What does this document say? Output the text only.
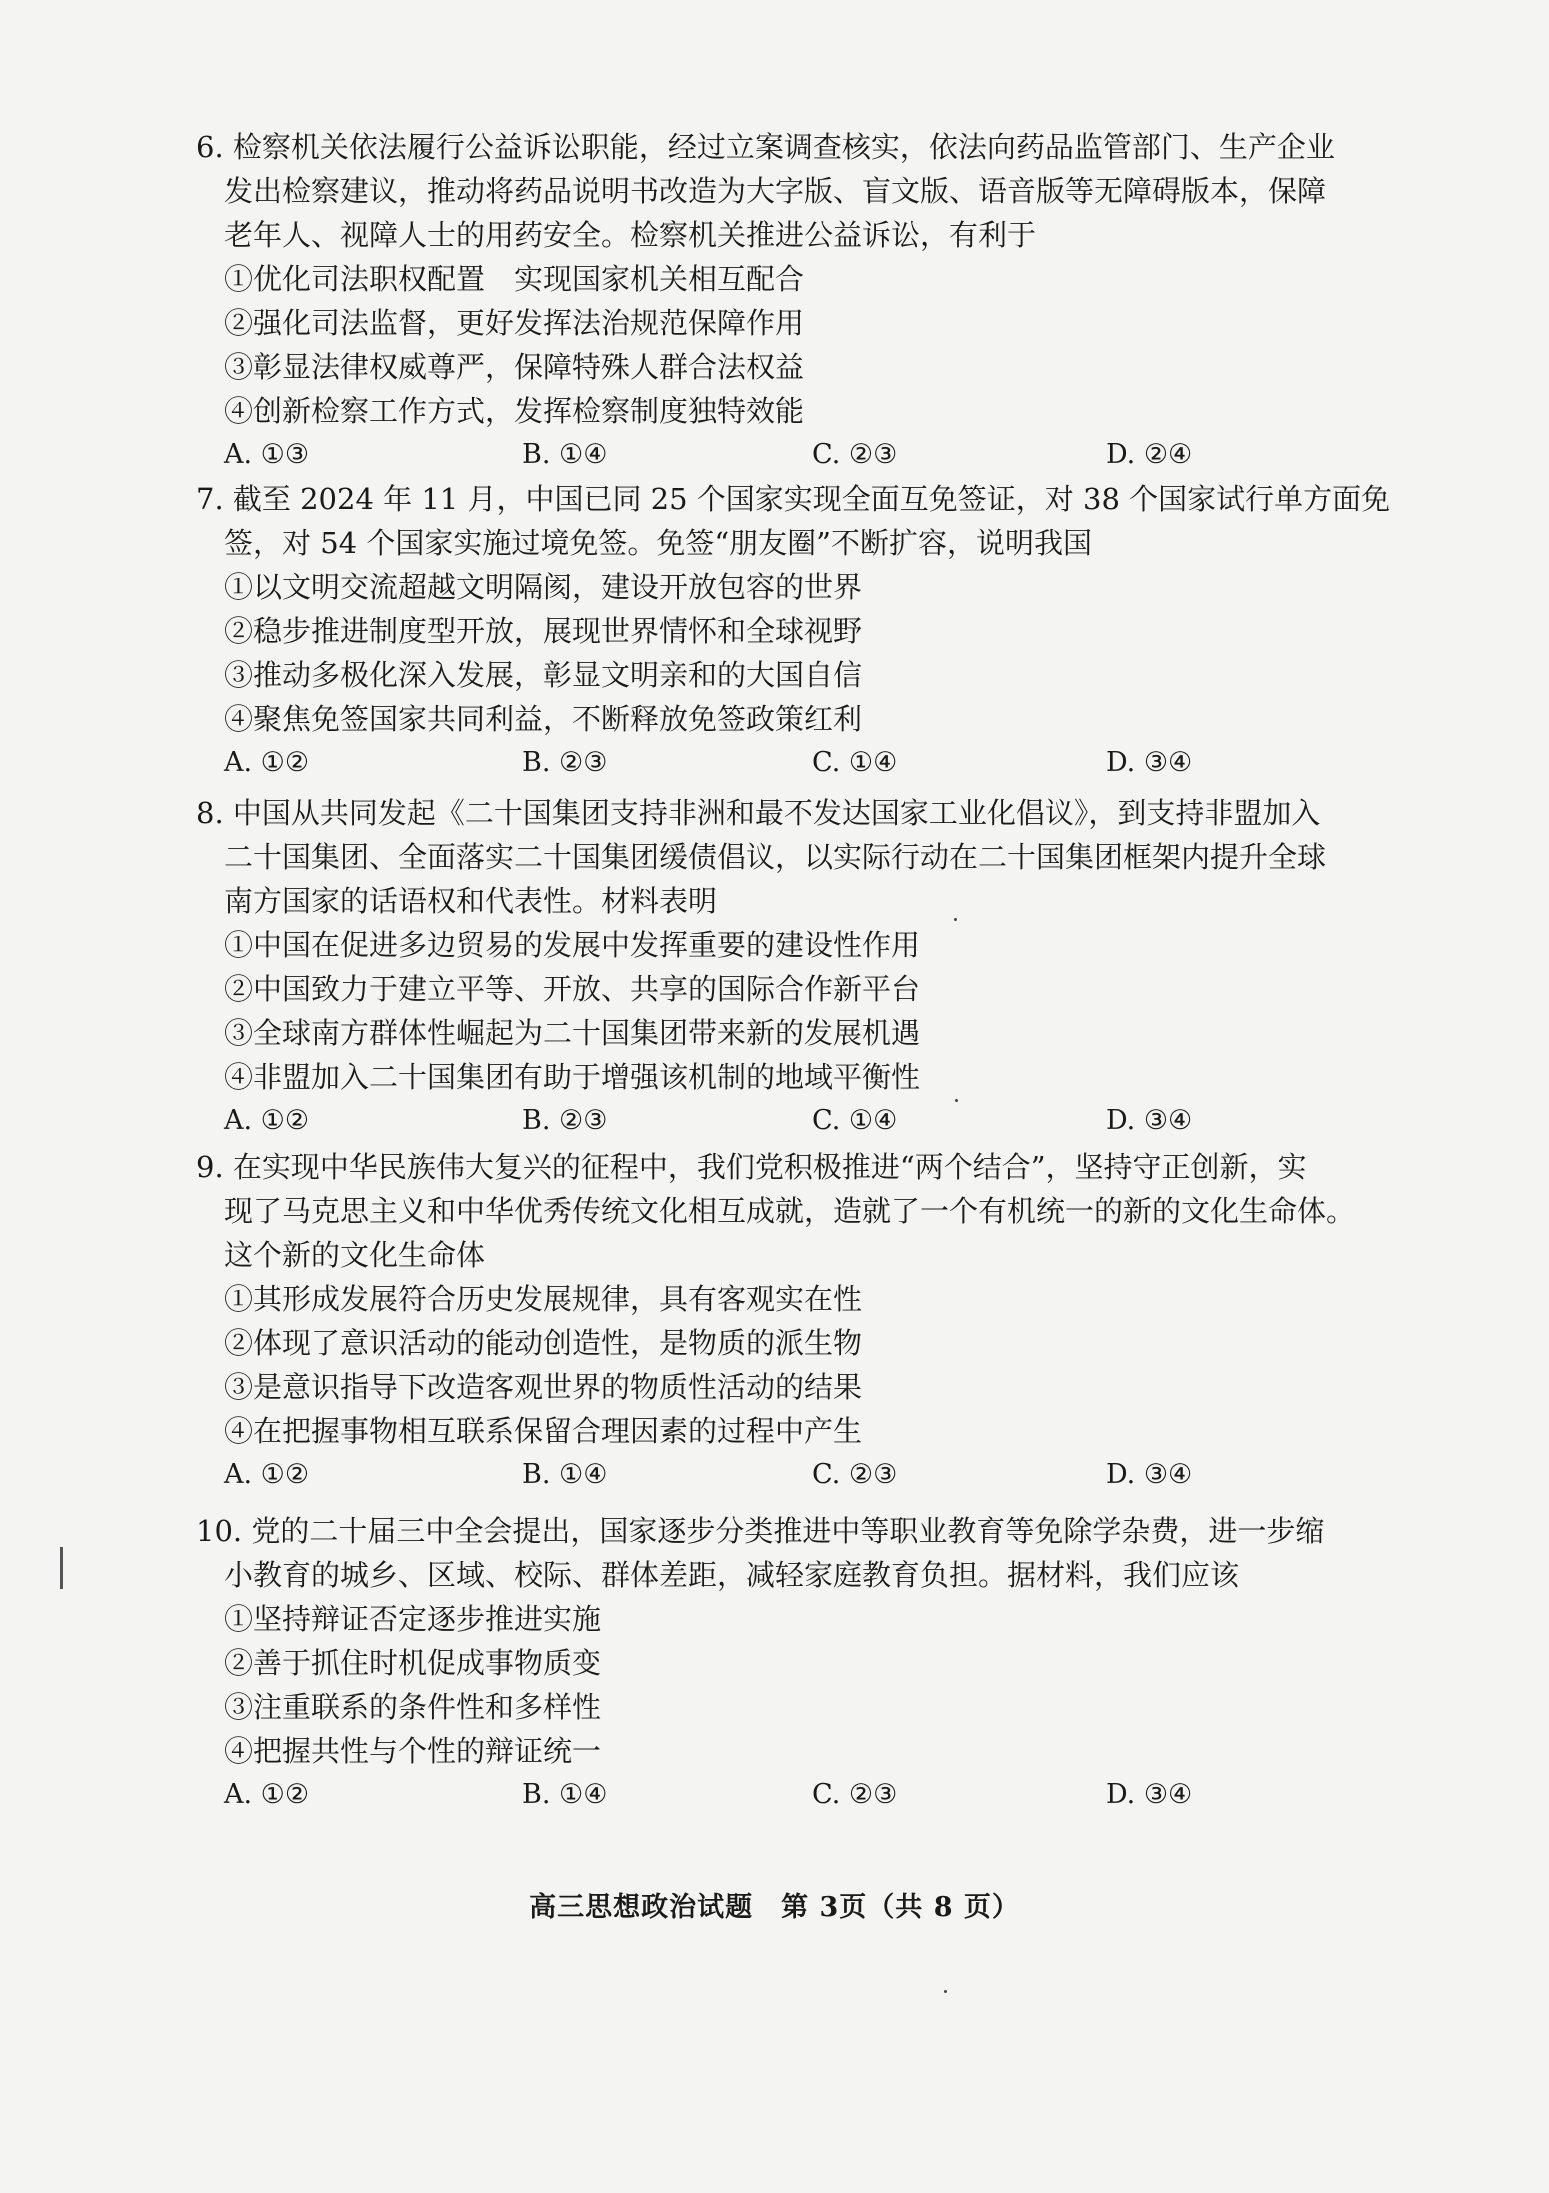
6. 检察机关依法履行公益诉讼职能，经过立案调查核实，依法向药品监管部门、生产企业
发出检察建议，推动将药品说明书改造为大字版、盲文版、语音版等无障碍版本，保障
老年人、视障人士的用药安全。检察机关推进公益诉讼，有利于
①优化司法职权配置　实现国家机关相互配合
②强化司法监督，更好发挥法治规范保障作用
③彰显法律权威尊严，保障特殊人群合法权益
④创新检察工作方式，发挥检察制度独特效能
A. ①③	B. ①④	C. ②③	D. ②④
7. 截至 2024 年 11 月，中国已同 25 个国家实现全面互免签证，对 38 个国家试行单方面免
签，对 54 个国家实施过境免签。免签“朋友圈”不断扩容，说明我国
①以文明交流超越文明隔阂，建设开放包容的世界
②稳步推进制度型开放，展现世界情怀和全球视野
③推动多极化深入发展，彰显文明亲和的大国自信
④聚焦免签国家共同利益，不断释放免签政策红利
A. ①②	B. ②③	C. ①④	D. ③④
8. 中国从共同发起《二十国集团支持非洲和最不发达国家工业化倡议》，到支持非盟加入
二十国集团、全面落实二十国集团缓债倡议，以实际行动在二十国集团框架内提升全球
南方国家的话语权和代表性。材料表明
①中国在促进多边贸易的发展中发挥重要的建设性作用
②中国致力于建立平等、开放、共享的国际合作新平台
③全球南方群体性崛起为二十国集团带来新的发展机遇
④非盟加入二十国集团有助于增强该机制的地域平衡性
A. ①②	B. ②③	C. ①④	D. ③④
9. 在实现中华民族伟大复兴的征程中，我们党积极推进“两个结合”，坚持守正创新，实
现了马克思主义和中华优秀传统文化相互成就，造就了一个有机统一的新的文化生命体。
这个新的文化生命体
①其形成发展符合历史发展规律，具有客观实在性
②体现了意识活动的能动创造性，是物质的派生物
③是意识指导下改造客观世界的物质性活动的结果
④在把握事物相互联系保留合理因素的过程中产生
A. ①②	B. ①④	C. ②③	D. ③④
10. 党的二十届三中全会提出，国家逐步分类推进中等职业教育等免除学杂费，进一步缩
小教育的城乡、区域、校际、群体差距，减轻家庭教育负担。据材料，我们应该
①坚持辩证否定逐步推进实施
②善于抓住时机促成事物质变
③注重联系的条件性和多样性
④把握共性与个性的辩证统一
A. ①②	B. ①④	C. ②③	D. ③④
高三思想政治试题　第 3页（共 8 页）
